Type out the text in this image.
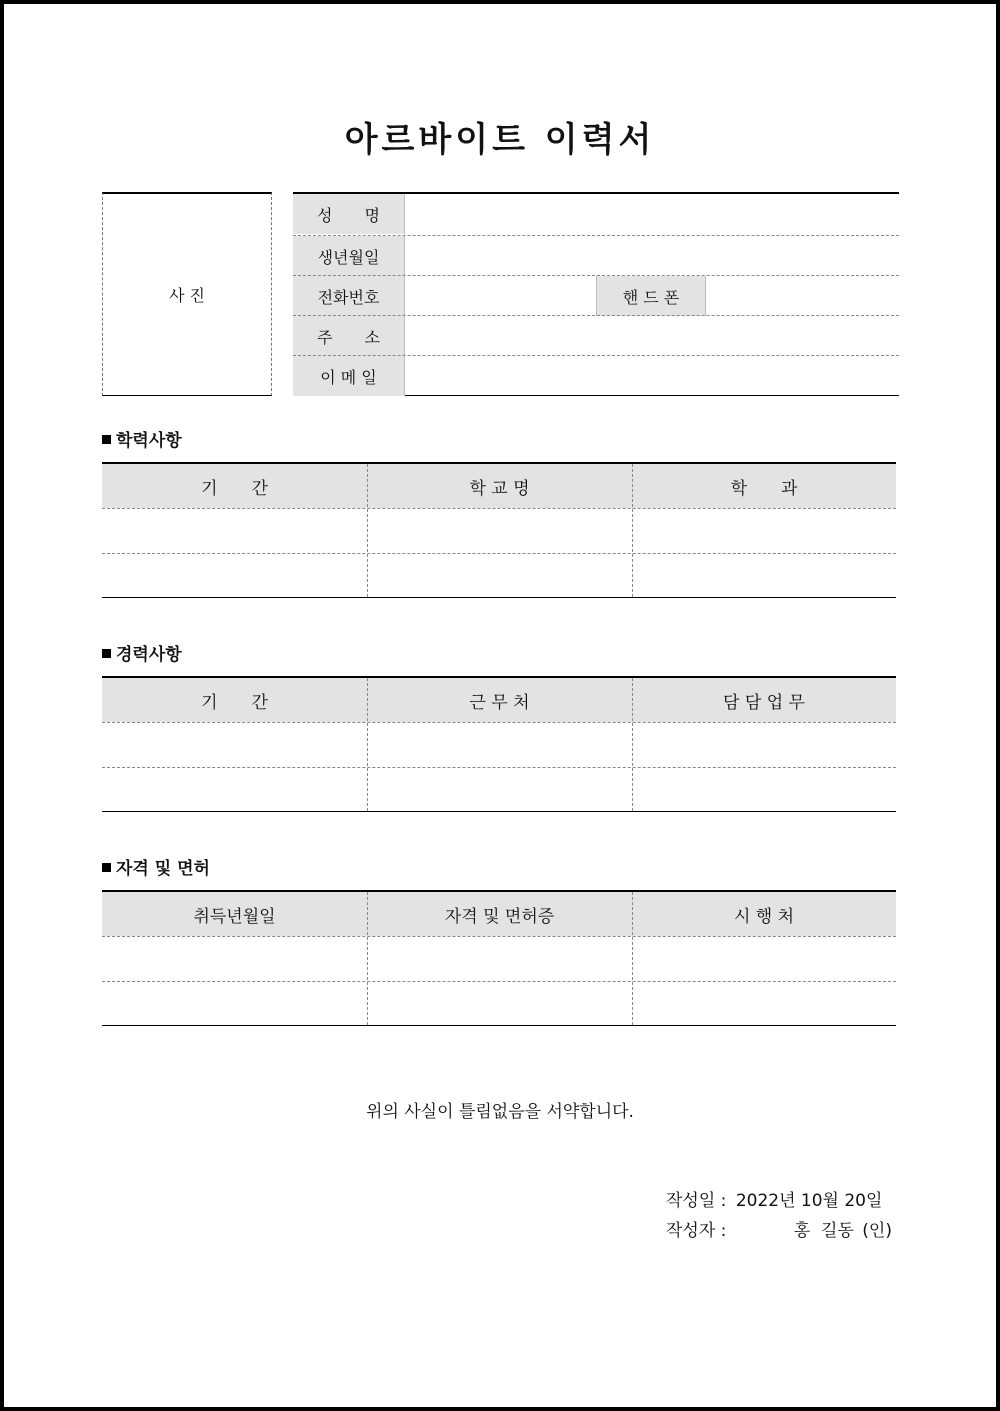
아르바이트 이력서
사 진
성　　명
생년월일
전화번호	핸 드 폰
주　　소
이 메 일
학력사항
기　　간	학 교 명	학　　과
경력사항
기　　간	근 무 처	담 담 업 무
자격 및 면허
취득년월일	자격 및 면허증	시 행 처
위의 사실이 틀림없음을 서약합니다.
작성일 : 2022년 10월 20일
작성자 :	홍  길동 (인)
